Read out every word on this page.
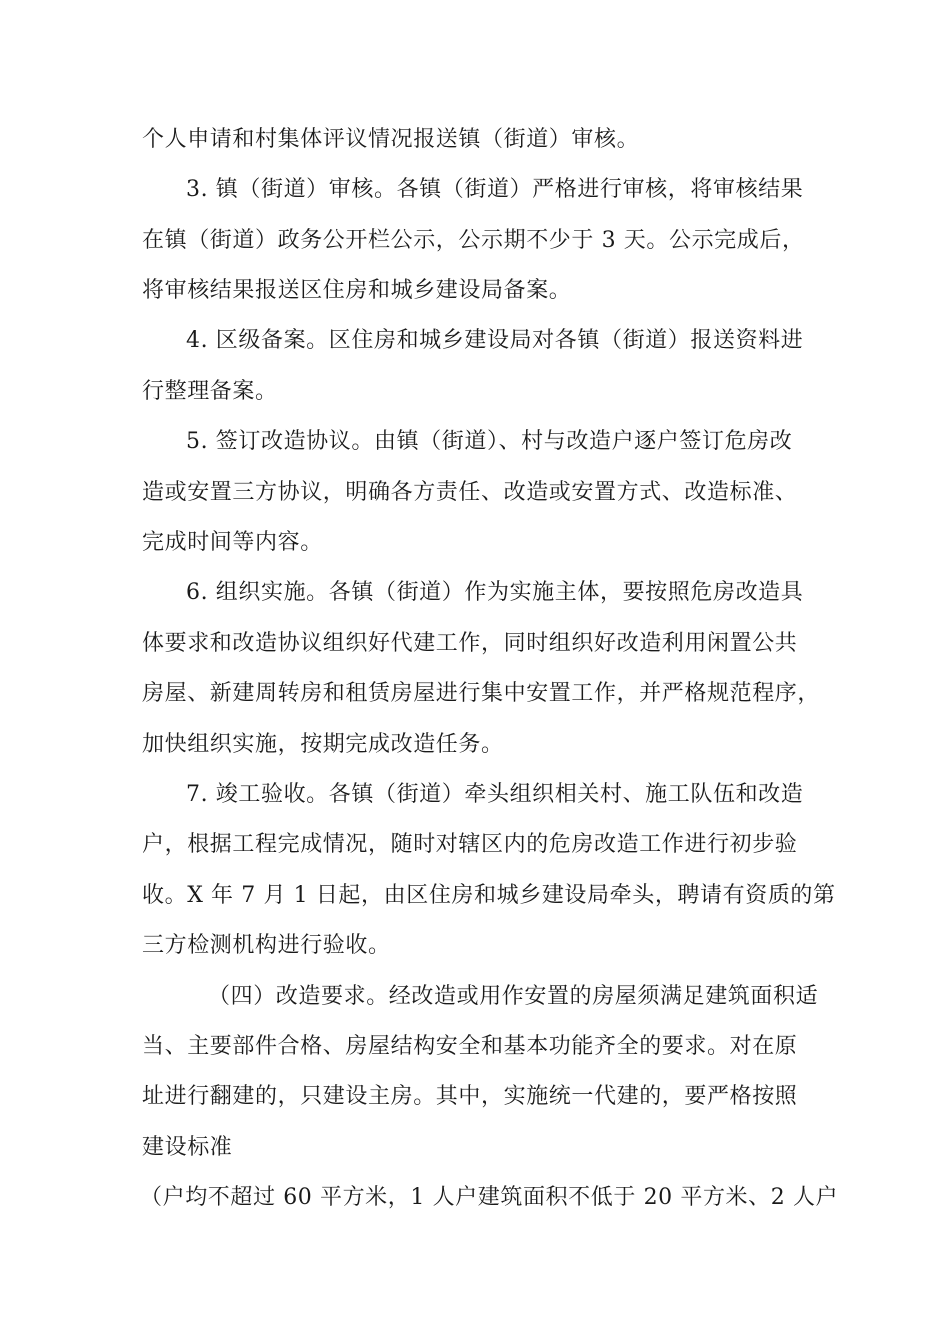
个人申请和村集体评议情况报送镇（街道）审核。
3. 镇（街道）审核。各镇（街道）严格进行审核，将审核结果
在镇（街道）政务公开栏公示，公示期不少于 3 天。公示完成后，
将审核结果报送区住房和城乡建设局备案。
4. 区级备案。区住房和城乡建设局对各镇（街道）报送资料进
行整理备案。
5. 签订改造协议。由镇（街道）、村与改造户逐户签订危房改
造或安置三方协议，明确各方责任、改造或安置方式、改造标准、
完成时间等内容。
6. 组织实施。各镇（街道）作为实施主体，要按照危房改造具
体要求和改造协议组织好代建工作，同时组织好改造利用闲置公共
房屋、新建周转房和租赁房屋进行集中安置工作，并严格规范程序，
加快组织实施，按期完成改造任务。
7. 竣工验收。各镇（街道）牵头组织相关村、施工队伍和改造
户，根据工程完成情况，随时对辖区内的危房改造工作进行初步验
收。X 年 7 月 1 日起，由区住房和城乡建设局牵头，聘请有资质的第
三方检测机构进行验收。
（四）改造要求。经改造或用作安置的房屋须满足建筑面积适
当、主要部件合格、房屋结构安全和基本功能齐全的要求。对在原
址进行翻建的，只建设主房。其中，实施统一代建的，要严格按照
建设标准
（户均不超过 60 平方米，1 人户建筑面积不低于 20 平方米、2 人户
